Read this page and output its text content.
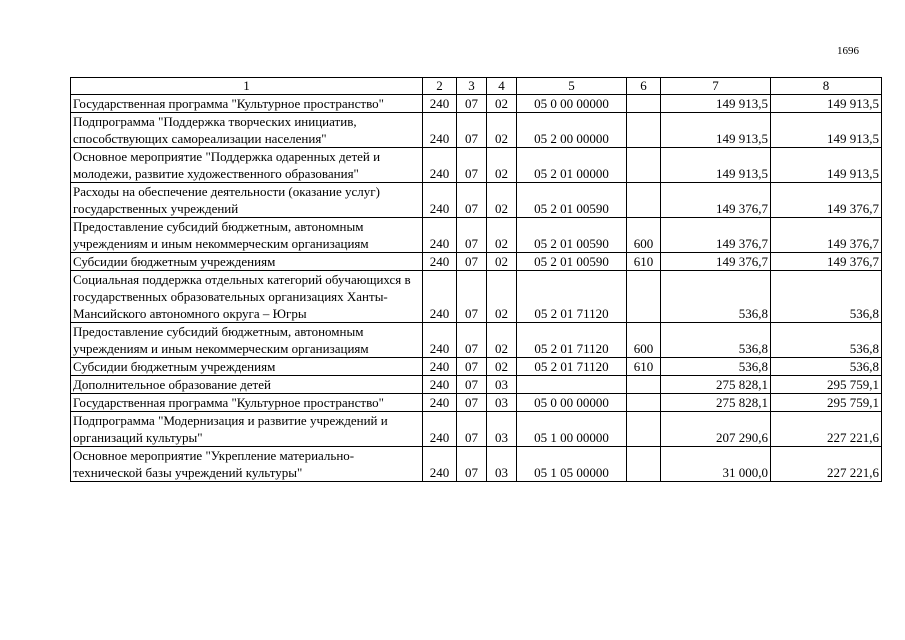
1696
1	2	3	4	5	6	7	8
Государственная программа "Культурное пространство"	240	07	02	05 0 00 00000		149 913,5	149 913,5
Подпрограмма "Поддержка творческих инициатив, способствующих самореализации населения"	240	07	02	05 2 00 00000		149 913,5	149 913,5
Основное мероприятие "Поддержка одаренных детей и молодежи, развитие художественного образования"	240	07	02	05 2 01 00000		149 913,5	149 913,5
Расходы на обеспечение деятельности (оказание услуг) государственных учреждений	240	07	02	05 2 01 00590		149 376,7	149 376,7
Предоставление субсидий бюджетным, автономным учреждениям и иным некоммерческим организациям	240	07	02	05 2 01 00590	600	149 376,7	149 376,7
Субсидии бюджетным учреждениям	240	07	02	05 2 01 00590	610	149 376,7	149 376,7
Социальная поддержка отдельных категорий обучающихся в государственных образовательных организациях Ханты-Мансийского автономного округа – Югры	240	07	02	05 2 01 71120		536,8	536,8
Предоставление субсидий бюджетным, автономным учреждениям и иным некоммерческим организациям	240	07	02	05 2 01 71120	600	536,8	536,8
Субсидии бюджетным учреждениям	240	07	02	05 2 01 71120	610	536,8	536,8
Дополнительное образование детей	240	07	03			275 828,1	295 759,1
Государственная программа "Культурное пространство"	240	07	03	05 0 00 00000		275 828,1	295 759,1
Подпрограмма "Модернизация и развитие учреждений и организаций культуры"	240	07	03	05 1 00 00000		207 290,6	227 221,6
Основное мероприятие "Укрепление материально-технической базы учреждений культуры"	240	07	03	05 1 05 00000		31 000,0	227 221,6
